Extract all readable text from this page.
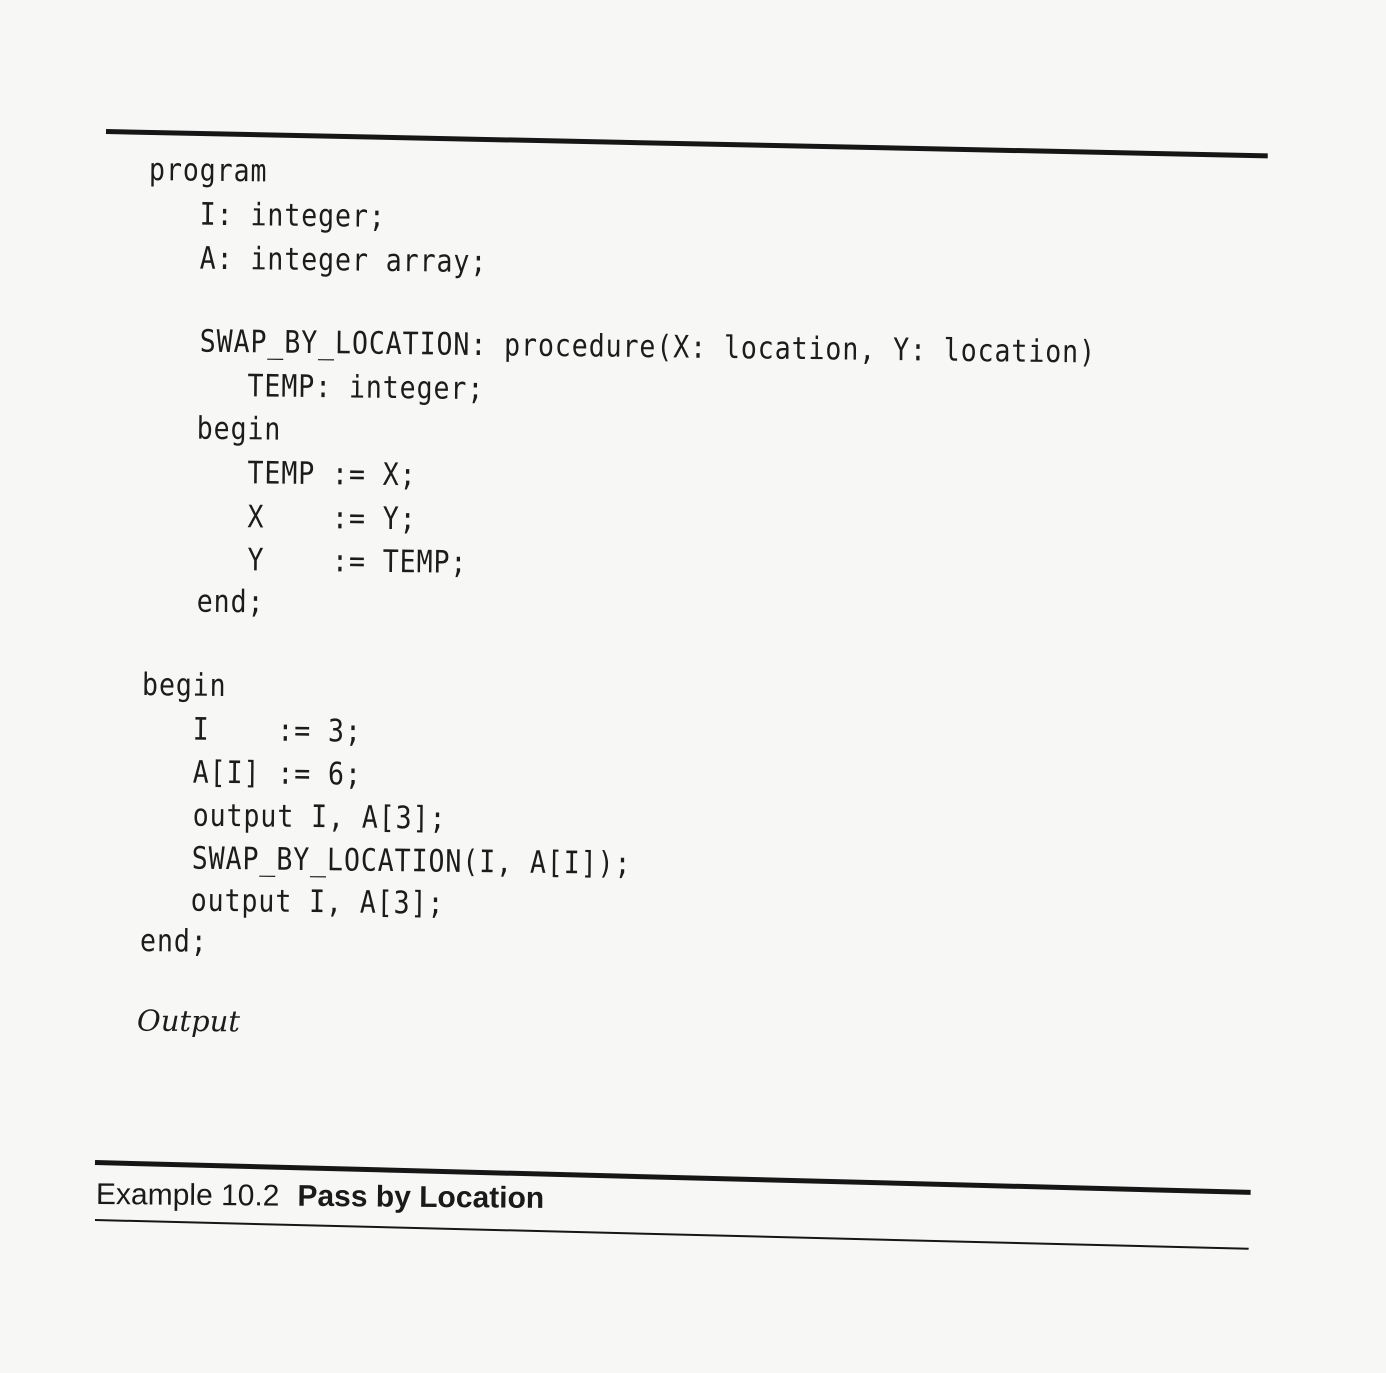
program

I: integer;

A: integer array;

SWAP_BY_LOCATION: procedure(X: location, Y: location)

TEMP: integer;

begin

TEMP := X;

X    := Y;

Y    := TEMP;

end;

begin

I    := 3;

A[I] := 6;

output I, A[3];

SWAP_BY_LOCATION(I, A[I]);

output I, A[3];

end;

Output
Example 10.2 Pass by Location
